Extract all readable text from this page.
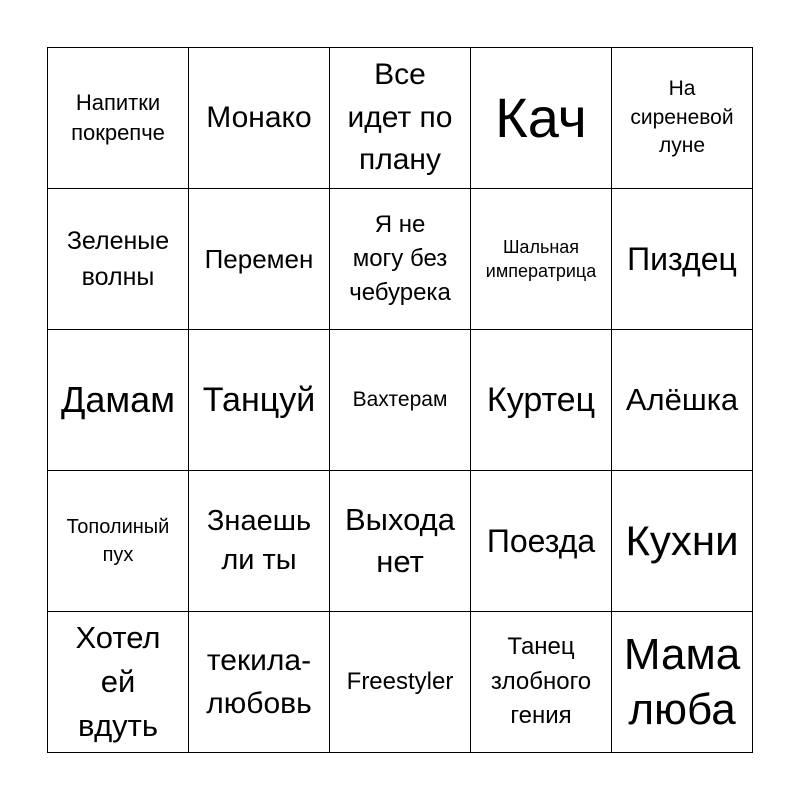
Напитки
покрепче Монако
Все
идет по
плану
Кач	На
сиреневой
луне
Зеленые
волны
Перемен
Я не
могу без
чебурека
Шальная
императрица Пиздец
Дамам Танцуй Вахтерам Куртец Алёшка
Тополиный
пух
Знаешь
ли ты
Выхода
нет
Поезда Кухни
Хотел
ей
вдуть
текила-
любовь
Freestyler
Танец
злобного
гения
Мама
люба
